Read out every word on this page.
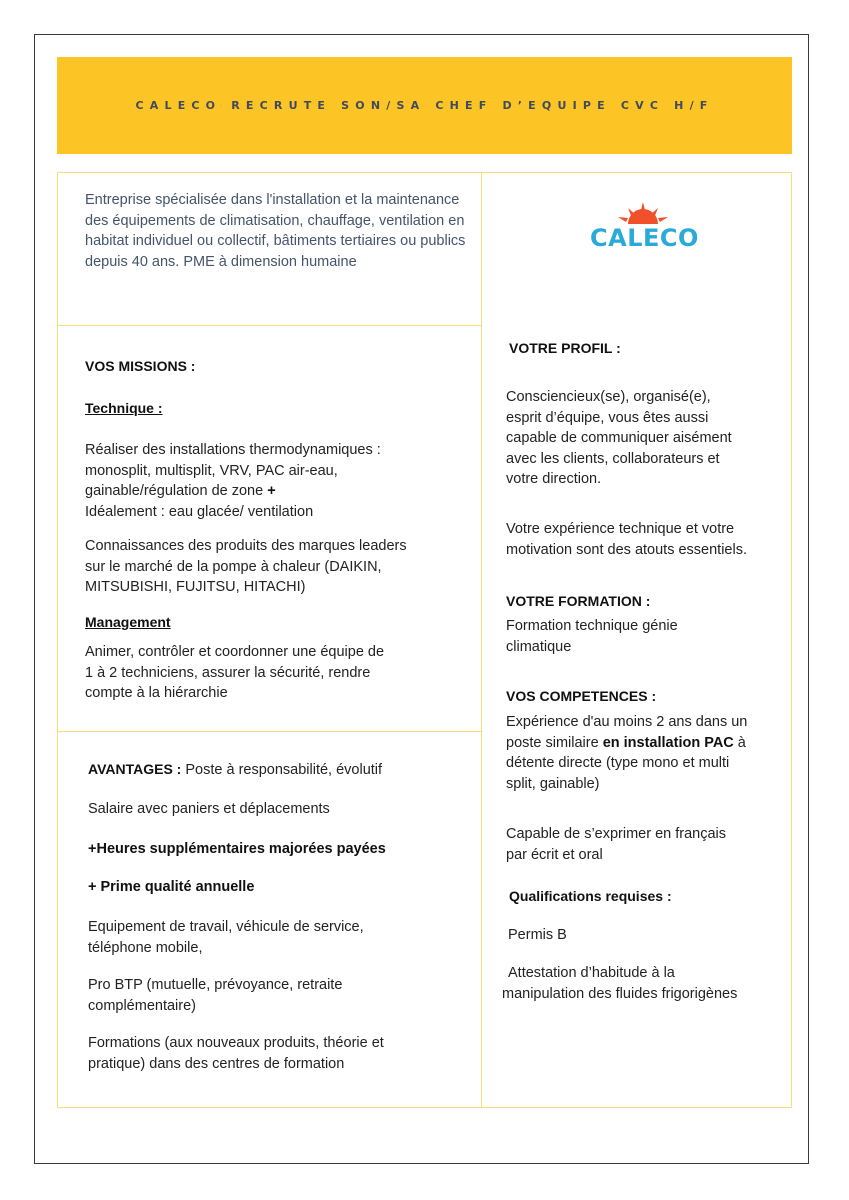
CALECO RECRUTE SON/SA CHEF D’EQUIPE CVC H/F
Entreprise spécialisée dans l'installation et la maintenance des équipements de climatisation, chauffage, ventilation en habitat individuel ou collectif, bâtiments tertiaires ou publics depuis 40 ans. PME à dimension humaine
CALECO
VOS MISSIONS :
Technique :
Réaliser des installations thermodynamiques :
monosplit, multisplit, VRV, PAC air-eau,
gainable/régulation de zone +
Idéalement : eau glacée/ ventilation
Connaissances des produits des marques leaders
sur le marché de la pompe à chaleur (DAIKIN,
MITSUBISHI, FUJITSU, HITACHI)
Management
Animer, contrôler et coordonner une équipe de
1 à 2 techniciens, assurer la sécurité, rendre
compte à la hiérarchie
AVANTAGES : Poste à responsabilité, évolutif
Salaire avec paniers et déplacements
+Heures supplémentaires majorées payées
+ Prime qualité annuelle
Equipement de travail, véhicule de service,
téléphone mobile,
Pro BTP (mutuelle, prévoyance, retraite
complémentaire)
Formations (aux nouveaux produits, théorie et
pratique) dans des centres de formation
VOTRE PROFIL :
Consciencieux(se), organisé(e),
esprit d’équipe, vous êtes aussi
capable de communiquer aisément
avec les clients, collaborateurs et
votre direction.
Votre expérience technique et votre
motivation sont des atouts essentiels.
VOTRE FORMATION :
Formation technique génie
climatique
VOS COMPETENCES :
Expérience d'au moins 2 ans dans un
poste similaire en installation PAC à
détente directe (type mono et multi
split, gainable)
Capable de s’exprimer en français
par écrit et oral
Qualifications requises :
Permis B
Attestation d’habitude à la
manipulation des fluides frigorigènes
